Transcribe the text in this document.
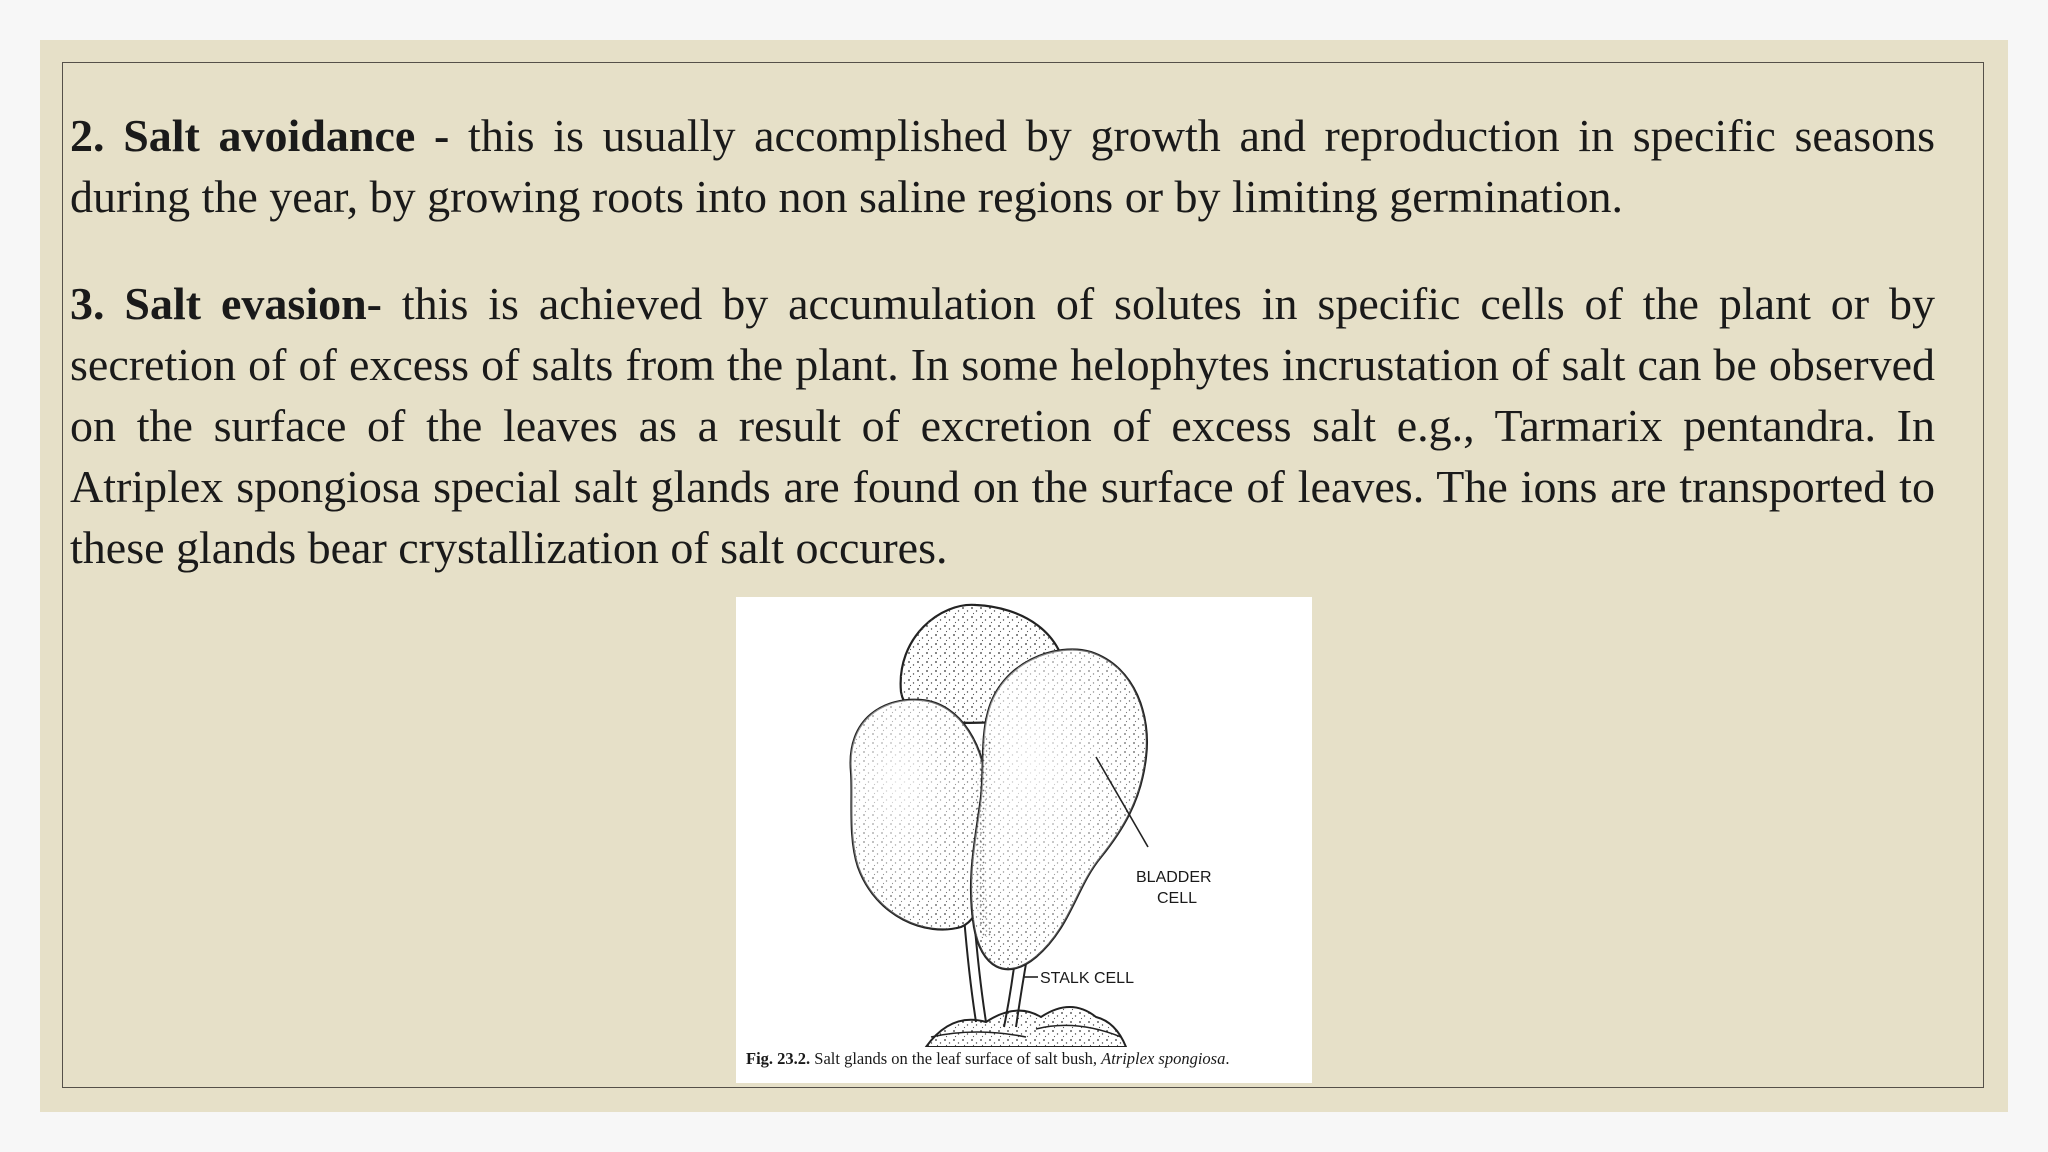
2. Salt avoidance - this is usually accomplished by growth and reproduction in specific seasons during the year, by growing roots into non saline regions or by limiting germination.

3. Salt evasion- this is achieved by accumulation of solutes in specific cells of the plant or by secretion of of excess of salts from the plant. In some helophytes incrustation of salt can be observed on the surface of the leaves as a result of excretion of excess salt e.g., Tarmarix pentandra. In Atriplex spongiosa special salt glands are found on the surface of leaves. The ions are transported to these glands bear crystallization of salt occures.

BLADDER
CELL
STALK CELL
Fig. 23.2. Salt glands on the leaf surface of salt bush, Atriplex spongiosa.
